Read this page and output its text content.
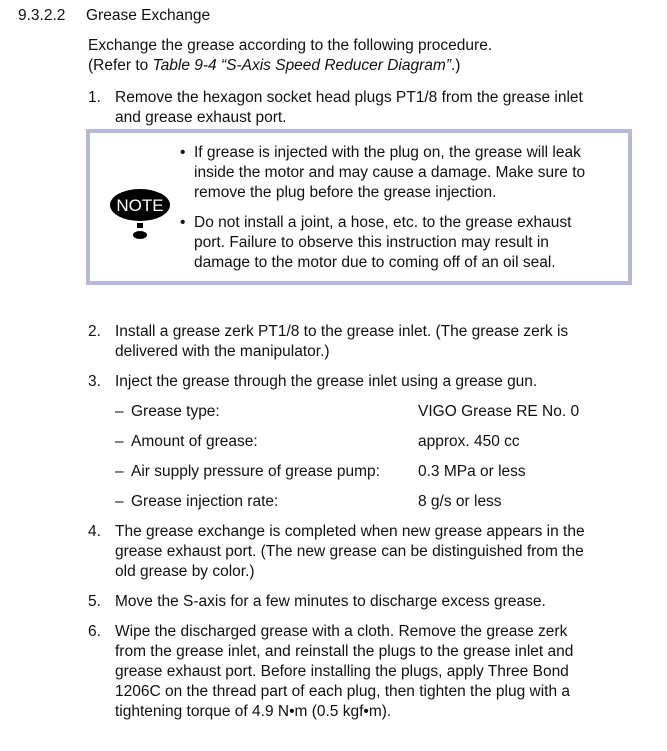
9.3.2.2 Grease Exchange
Exchange the grease according to the following procedure.
(Refer to Table 9-4 “S-Axis Speed Reducer Diagram”.)
1. Remove the hexagon socket head plugs PT1/8 from the grease inlet
and grease exhaust port.
NOTE
• If grease is injected with the plug on, the grease will leak
inside the motor and may cause a damage. Make sure to
remove the plug before the grease injection.
• Do not install a joint, a hose, etc. to the grease exhaust
port. Failure to observe this instruction may result in
damage to the motor due to coming off of an oil seal.
2. Install a grease zerk PT1/8 to the grease inlet. (The grease zerk is
delivered with the manipulator.)
3. Inject the grease through the grease inlet using a grease gun.
– Grease type:	VIGO Grease RE No. 0
– Amount of grease:	approx. 450 cc
– Air supply pressure of grease pump: 0.3 MPa or less
– Grease injection rate:	8 g/s or less
4. The grease exchange is completed when new grease appears in the
grease exhaust port. (The new grease can be distinguished from the
old grease by color.)
5. Move the S-axis for a few minutes to discharge excess grease.
6. Wipe the discharged grease with a cloth. Remove the grease zerk
from the grease inlet, and reinstall the plugs to the grease inlet and
grease exhaust port. Before installing the plugs, apply Three Bond
1206C on the thread part of each plug, then tighten the plug with a
tightening torque of 4.9 N•m (0.5 kgf•m).
